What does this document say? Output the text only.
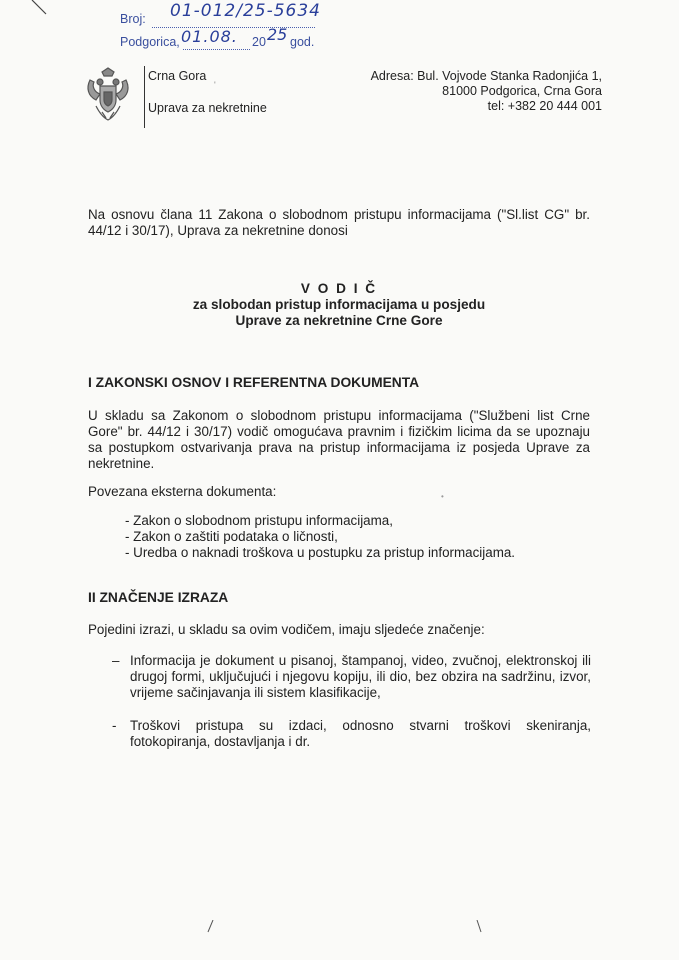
Broj: 01-012/25-5634
Podgorica, 01.08. 20 25 god.
Crna Gora
'
Uprava za nekretnine
Adresa: Bul. Vojvode Stanka Radonjića 1,
81000 Podgorica, Crna Gora
tel: +382 20 444 001
Na osnovu člana 11 Zakona o slobodnom pristupu informacijama ("Sl.list CG" br. 44/12 i 30/17), Uprava za nekretnine donosi
V O D I Č
za slobodan pristup informacijama u posjedu
Uprave za nekretnine Crne Gore
I ZAKONSKI OSNOV I REFERENTNA DOKUMENTA
U skladu sa Zakonom o slobodnom pristupu informacijama ("Službeni list Crne Gore" br. 44/12 i 30/17) vodič omogućava pravnim i fizičkim licima da se upoznaju sa postupkom ostvarivanja prava na pristup informacijama iz posjeda Uprave za nekretnine.
Povezana eksterna dokumenta:	•
- Zakon o slobodnom pristupu informacijama,
- Zakon o zaštiti podataka o ličnosti,
- Uredba o naknadi troškova u postupku za pristup informacijama.
II ZNAČENJE IZRAZA
Pojedini izrazi, u skladu sa ovim vodičem, imaju sljedeće značenje:
– Informacija je dokument u pisanoj, štampanoj, video, zvučnoj, elektronskoj ili drugoj formi, uključujući i njegovu kopiju, ili dio, bez obzira na sadržinu, izvor, vrijeme sačinjavanja ili sistem klasifikacije,
- Troškovi pristupa su izdaci, odnosno stvarni troškovi skeniranja, fotokopiranja, dostavljanja i dr.
